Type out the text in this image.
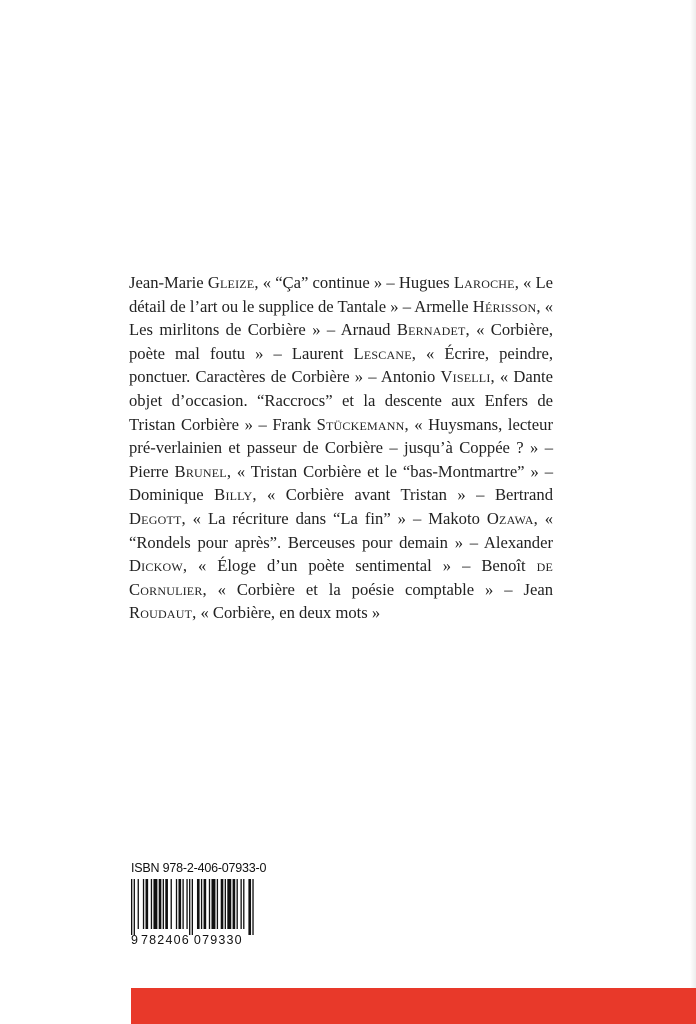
Jean-Marie Gleize, « “Ça” continue » – Hugues Laroche, « Le détail de l’art ou le supplice de Tantale » – Armelle Hérisson, « Les mirlitons de Corbière » – Arnaud Bernadet, « Corbière, poète mal foutu » – Laurent Lescane, « Écrire, peindre, ponctuer. Caractères de Corbière » – Antonio Viselli, « Dante objet d’occasion. “Raccrocs” et la descente aux Enfers de Tristan Corbière » – Frank Stückemann, « Huysmans, lecteur pré-verlainien et passeur de Corbière – jusqu’à Coppée ? » – Pierre Brunel, « Tristan Corbière et le “bas-Montmartre” » – Dominique Billy, « Corbière avant Tristan » – Bertrand Degott, « La récriture dans “La fin” » – Makoto Ozawa, « “Rondels pour après”. Berceuses pour demain » – Alexander Dickow, « Éloge d’un poète sentimental » – Benoît de Cornulier, « Corbière et la poésie comptable » – Jean Roudaut, « Corbière, en deux mots »

ISBN 978-2-406-07933-0
9 782406 079330
